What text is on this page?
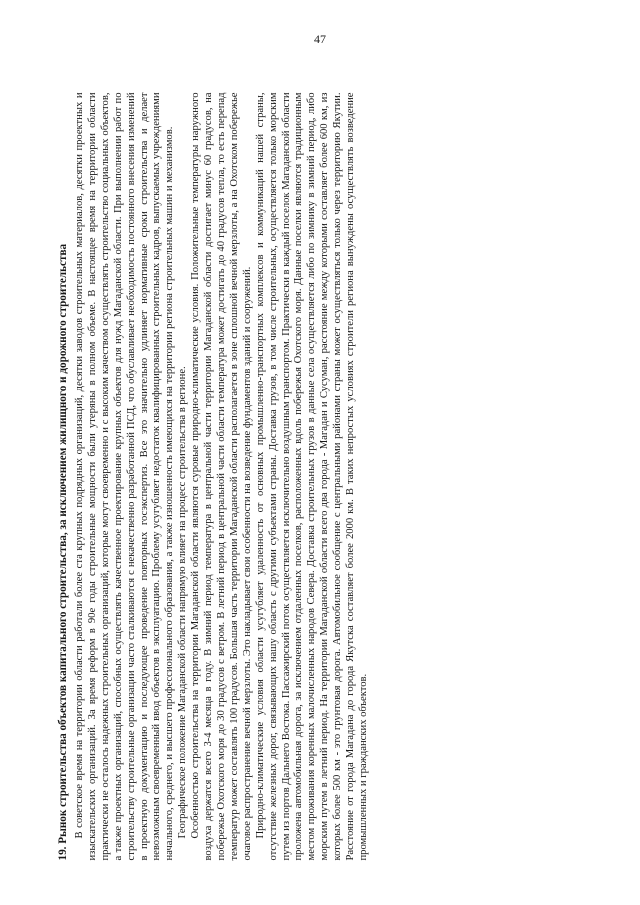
19. Рынок строительства объектов капитального строительства, за исключением жилищного и дорожного строительства В советское время на территории области работали более ста крупных подрядных организаций, десятки заводов строительных материалов, десятки проектных и изыскательских организаций. За время реформ в 90е годы строительные мощности были утеряны в полном объеме. В настоящее время на территории области практически не осталось надежных строительных организаций, которые могут своевременно и с высоким качеством осуществлять строительство социальных объектов, а также проектных организаций, способных осуществлять качественное проектирование крупных объектов для нужд Магаданской области. При выполнении работ по строительству строительные организации часто сталкиваются с некачественно разработанной ПСД, что обуславливает необходимость постоянного внесения изменений в проектную документацию и последующее проведение повторных госэкспертиз. Все это значительно удлиняет нормативные сроки строительства и делает невозможным своевременный ввод объектов в эксплуатацию. Проблему усугубляет недостаток квалифицированных строительных кадров, выпускаемых учреждениями начального, среднего, и высшего профессионального образования, а также изношенность имеющихся на территории региона строительных машин и механизмов. Географическое положение Магаданской области напрямую влияет на процесс строительства в регионе. Особенностью строительства на территории Магаданской области являются суровые природно-климатические условия. Положительные температуры наружного воздуха держатся всего 3-4 месяца в году. В зимний период температура в центральной части территории Магаданской области достигает минус 60 градусов, на побережье Охотского моря до 30 градусов с ветром. В летний период в центральной части области температура может достигать до 40 градусов тепла, то есть перепад температур может составлять 100 градусов. Большая часть территории Магаданской области располагается в зоне сплошной вечной мерзлоты, а на Охотском побережье очаговое распространение вечной мерзлоты. Это накладывает свои особенности на возведение фундаментов зданий и сооружений. Природно-климатические условия области усугубляет удаленность от основных промышленно-транспортных комплексов и коммуникаций нашей страны, отсутствие железных дорог, связывающих нашу область с другими субъектами страны. Доставка грузов, в том числе строительных, осуществляется только морским путем из портов Дальнего Востока. Пассажирский поток осуществляется исключительно воздушным транспортом. Практически в каждый поселок Магаданской области проложена автомобильная дорога, за исключением отдаленных поселков, расположенных вдоль побережья Охотского моря. Данные поселки являются традиционным местом проживания коренных малочисленных народов Севера. Доставка строительных грузов в данные села осуществляется либо по зимнику в зимний период, либо морским путем в летний период. На территории Магаданской области всего два города - Магадан и Сусуман, расстояние между которыми составляет более 600 км, из которых более 500 км - это грунтовая дорога. Автомобильное сообщение с центральными районами страны может осуществляться только через территорию Якутии. Расстояние от города Магадана до города Якутска составляет более 2000 км. В таких непростых условиях строители региона вынуждены осуществлять возведение промышленных и гражданских объектов.

47
